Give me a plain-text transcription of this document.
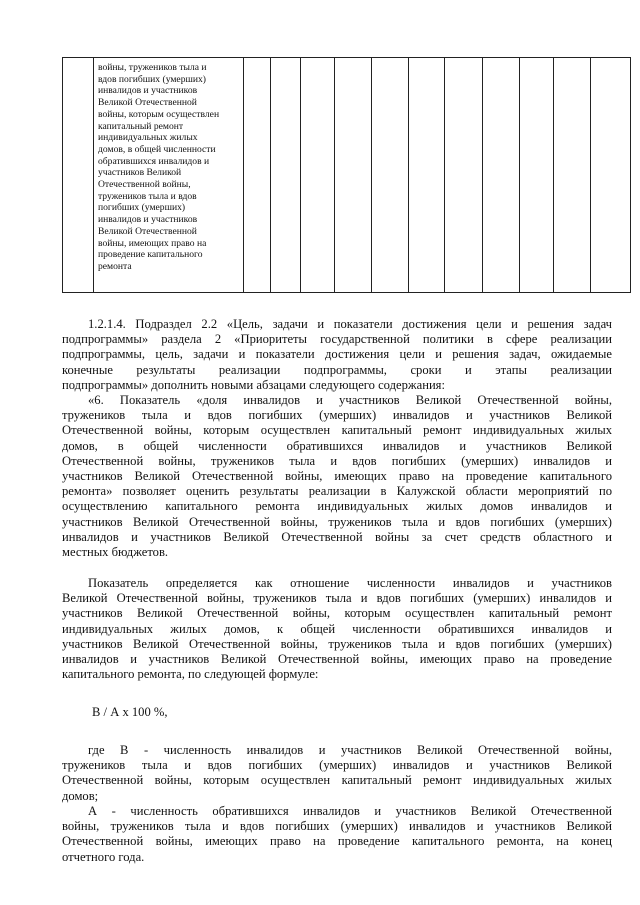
войны, тружеников тыла и
вдов погибших (умерших)
инвалидов и участников
Великой Отечественной
войны, которым осуществлен
капитальный ремонт
индивидуальных жилых
домов, в общей численности
обратившихся инвалидов и
участников Великой
Отечественной войны,
тружеников тыла и вдов
погибших (умерших)
инвалидов и участников
Великой Отечественной
войны, имеющих право на
проведение капитального
ремонта

1.2.1.4. Подраздел 2.2 «Цель, задачи и показатели достижения цели и решения задач
подпрограммы» раздела 2 «Приоритеты государственной политики в сфере реализации
подпрограммы, цель, задачи и показатели достижения цели и решения задач, ожидаемые
конечные результаты реализации подпрограммы, сроки и этапы реализации
подпрограммы» дополнить новыми абзацами следующего содержания:

«6. Показатель «доля инвалидов и участников Великой Отечественной войны,
тружеников тыла и вдов погибших (умерших) инвалидов и участников Великой
Отечественной войны, которым осуществлен капитальный ремонт индивидуальных жилых
домов, в общей численности обратившихся инвалидов и участников Великой
Отечественной войны, тружеников тыла и вдов погибших (умерших) инвалидов и
участников Великой Отечественной войны, имеющих право на проведение капитального
ремонта» позволяет оценить результаты реализации в Калужской области мероприятий по
осуществлению капитального ремонта индивидуальных жилых домов инвалидов и
участников Великой Отечественной войны, тружеников тыла и вдов погибших (умерших)
инвалидов и участников Великой Отечественной войны за счет средств областного и
местных бюджетов.

Показатель определяется как отношение численности инвалидов и участников
Великой Отечественной войны, тружеников тыла и вдов погибших (умерших) инвалидов и
участников Великой Отечественной войны, которым осуществлен капитальный ремонт
индивидуальных жилых домов, к общей численности обратившихся инвалидов и
участников Великой Отечественной войны, тружеников тыла и вдов погибших (умерших)
инвалидов и участников Великой Отечественной войны, имеющих право на проведение
капитального ремонта, по следующей формуле:

В / А х 100 %,

где В - численность инвалидов и участников Великой Отечественной войны,
тружеников тыла и вдов погибших (умерших) инвалидов и участников Великой
Отечественной войны, которым осуществлен капитальный ремонт индивидуальных жилых
домов;

А - численность обратившихся инвалидов и участников Великой Отечественной
войны, тружеников тыла и вдов погибших (умерших) инвалидов и участников Великой
Отечественной войны, имеющих право на проведение капитального ремонта, на конец
отчетного года.
